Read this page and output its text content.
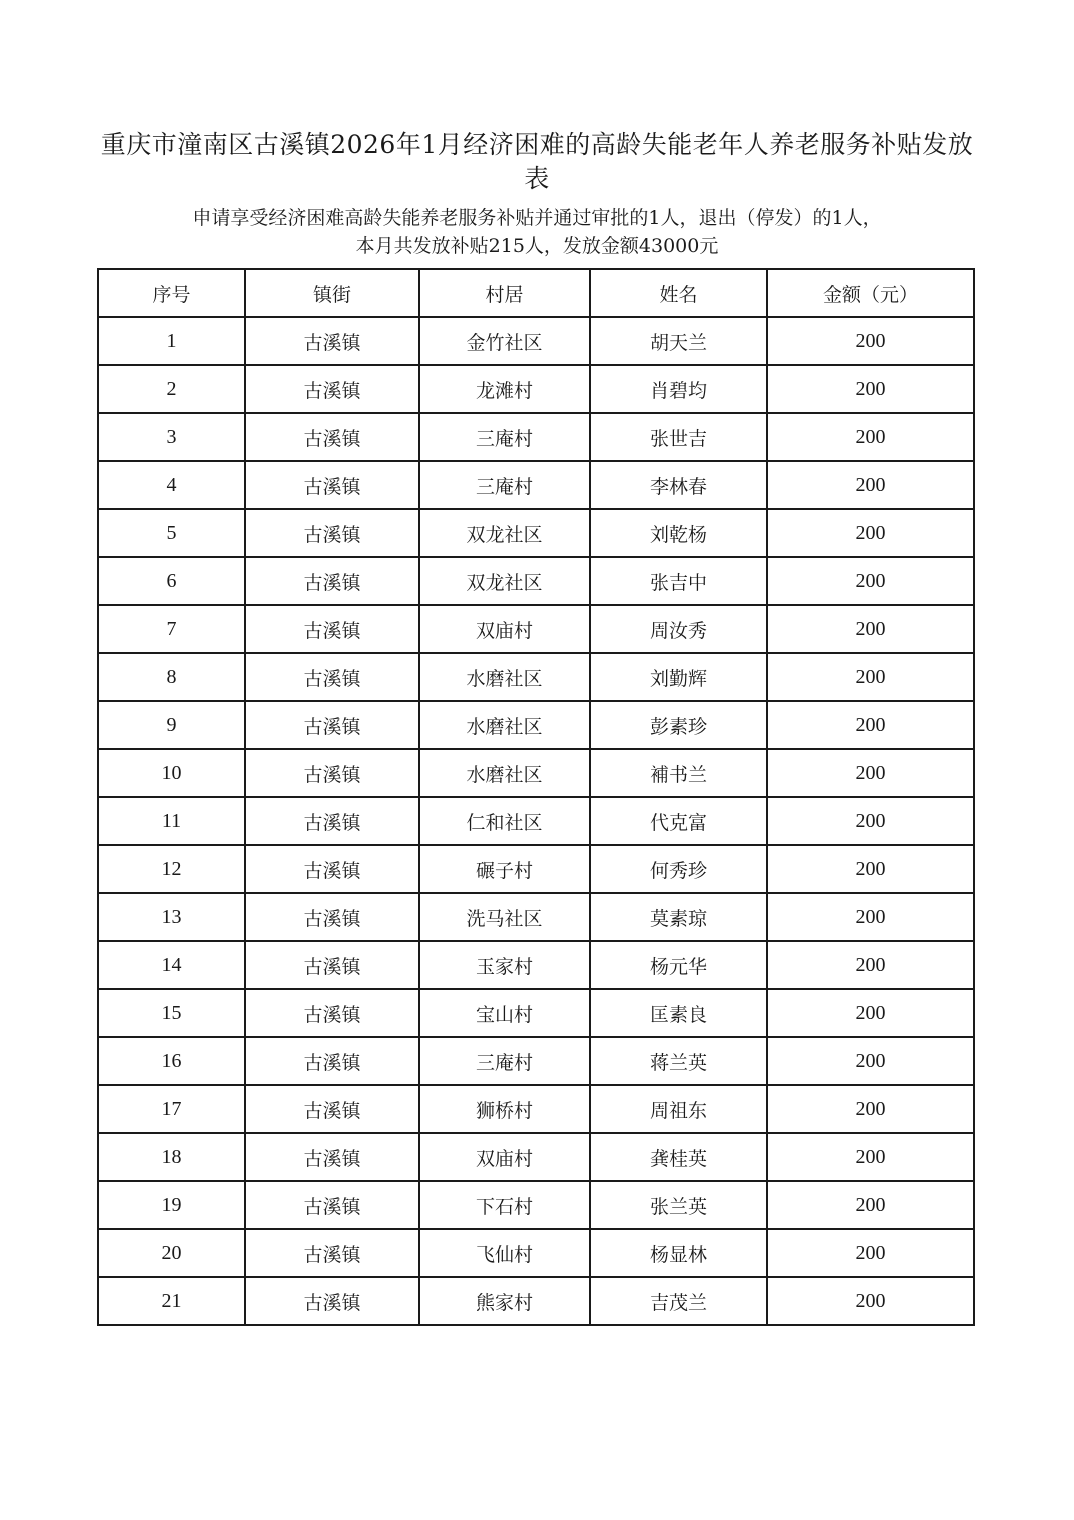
重庆市潼南区古溪镇2026年1月经济困难的高龄失能老年人养老服务补贴发放表
申请享受经济困难高龄失能养老服务补贴并通过审批的1人，退出（停发）的1人，
本月共发放补贴215人，发放金额43000元
序号	镇街	村居	姓名	金额（元）
1	古溪镇	金竹社区	胡天兰	200
2	古溪镇	龙滩村	肖碧均	200
3	古溪镇	三庵村	张世吉	200
4	古溪镇	三庵村	李林春	200
5	古溪镇	双龙社区	刘乾杨	200
6	古溪镇	双龙社区	张吉中	200
7	古溪镇	双庙村	周汝秀	200
8	古溪镇	水磨社区	刘勤辉	200
9	古溪镇	水磨社区	彭素珍	200
10	古溪镇	水磨社区	補书兰	200
11	古溪镇	仁和社区	代克富	200
12	古溪镇	碾子村	何秀珍	200
13	古溪镇	洗马社区	莫素琼	200
14	古溪镇	玉家村	杨元华	200
15	古溪镇	宝山村	匡素良	200
16	古溪镇	三庵村	蒋兰英	200
17	古溪镇	狮桥村	周祖东	200
18	古溪镇	双庙村	龚桂英	200
19	古溪镇	下石村	张兰英	200
20	古溪镇	飞仙村	杨显林	200
21	古溪镇	熊家村	吉茂兰	200
